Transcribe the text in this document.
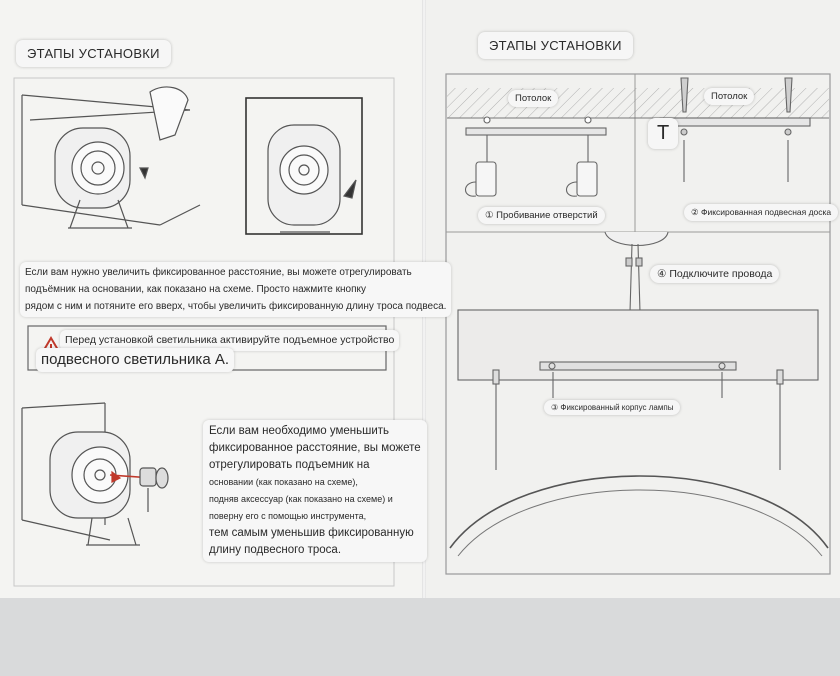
ЭТАПЫ УСТАНОВКИ
Если вам нужно увеличить фиксированное расстояние, вы можете отрегулировать
подъёмник на основании, как показано на схеме. Просто нажмите кнопку
рядом с ним и потяните его вверх, чтобы увеличить фиксированную длину троса подвеса.
Перед установкой светильника активируйте подъемное устройство
подвесного светильника А.
Если вам необходимо уменьшить
фиксированное расстояние, вы можете
отрегулировать подъемник на
основании (как показано на схеме),
подняв аксессуар (как показано на схеме) и
поверну его с помощью инструмента,
тем самым уменьшив фиксированную
длину подвесного троса.
ЭТАПЫ УСТАНОВКИ
Потолок	Потолок
T
① Пробивание отверстий	② Фиксированная подвесная доска
④ Подключите провода
③ Фиксированный корпус лампы
